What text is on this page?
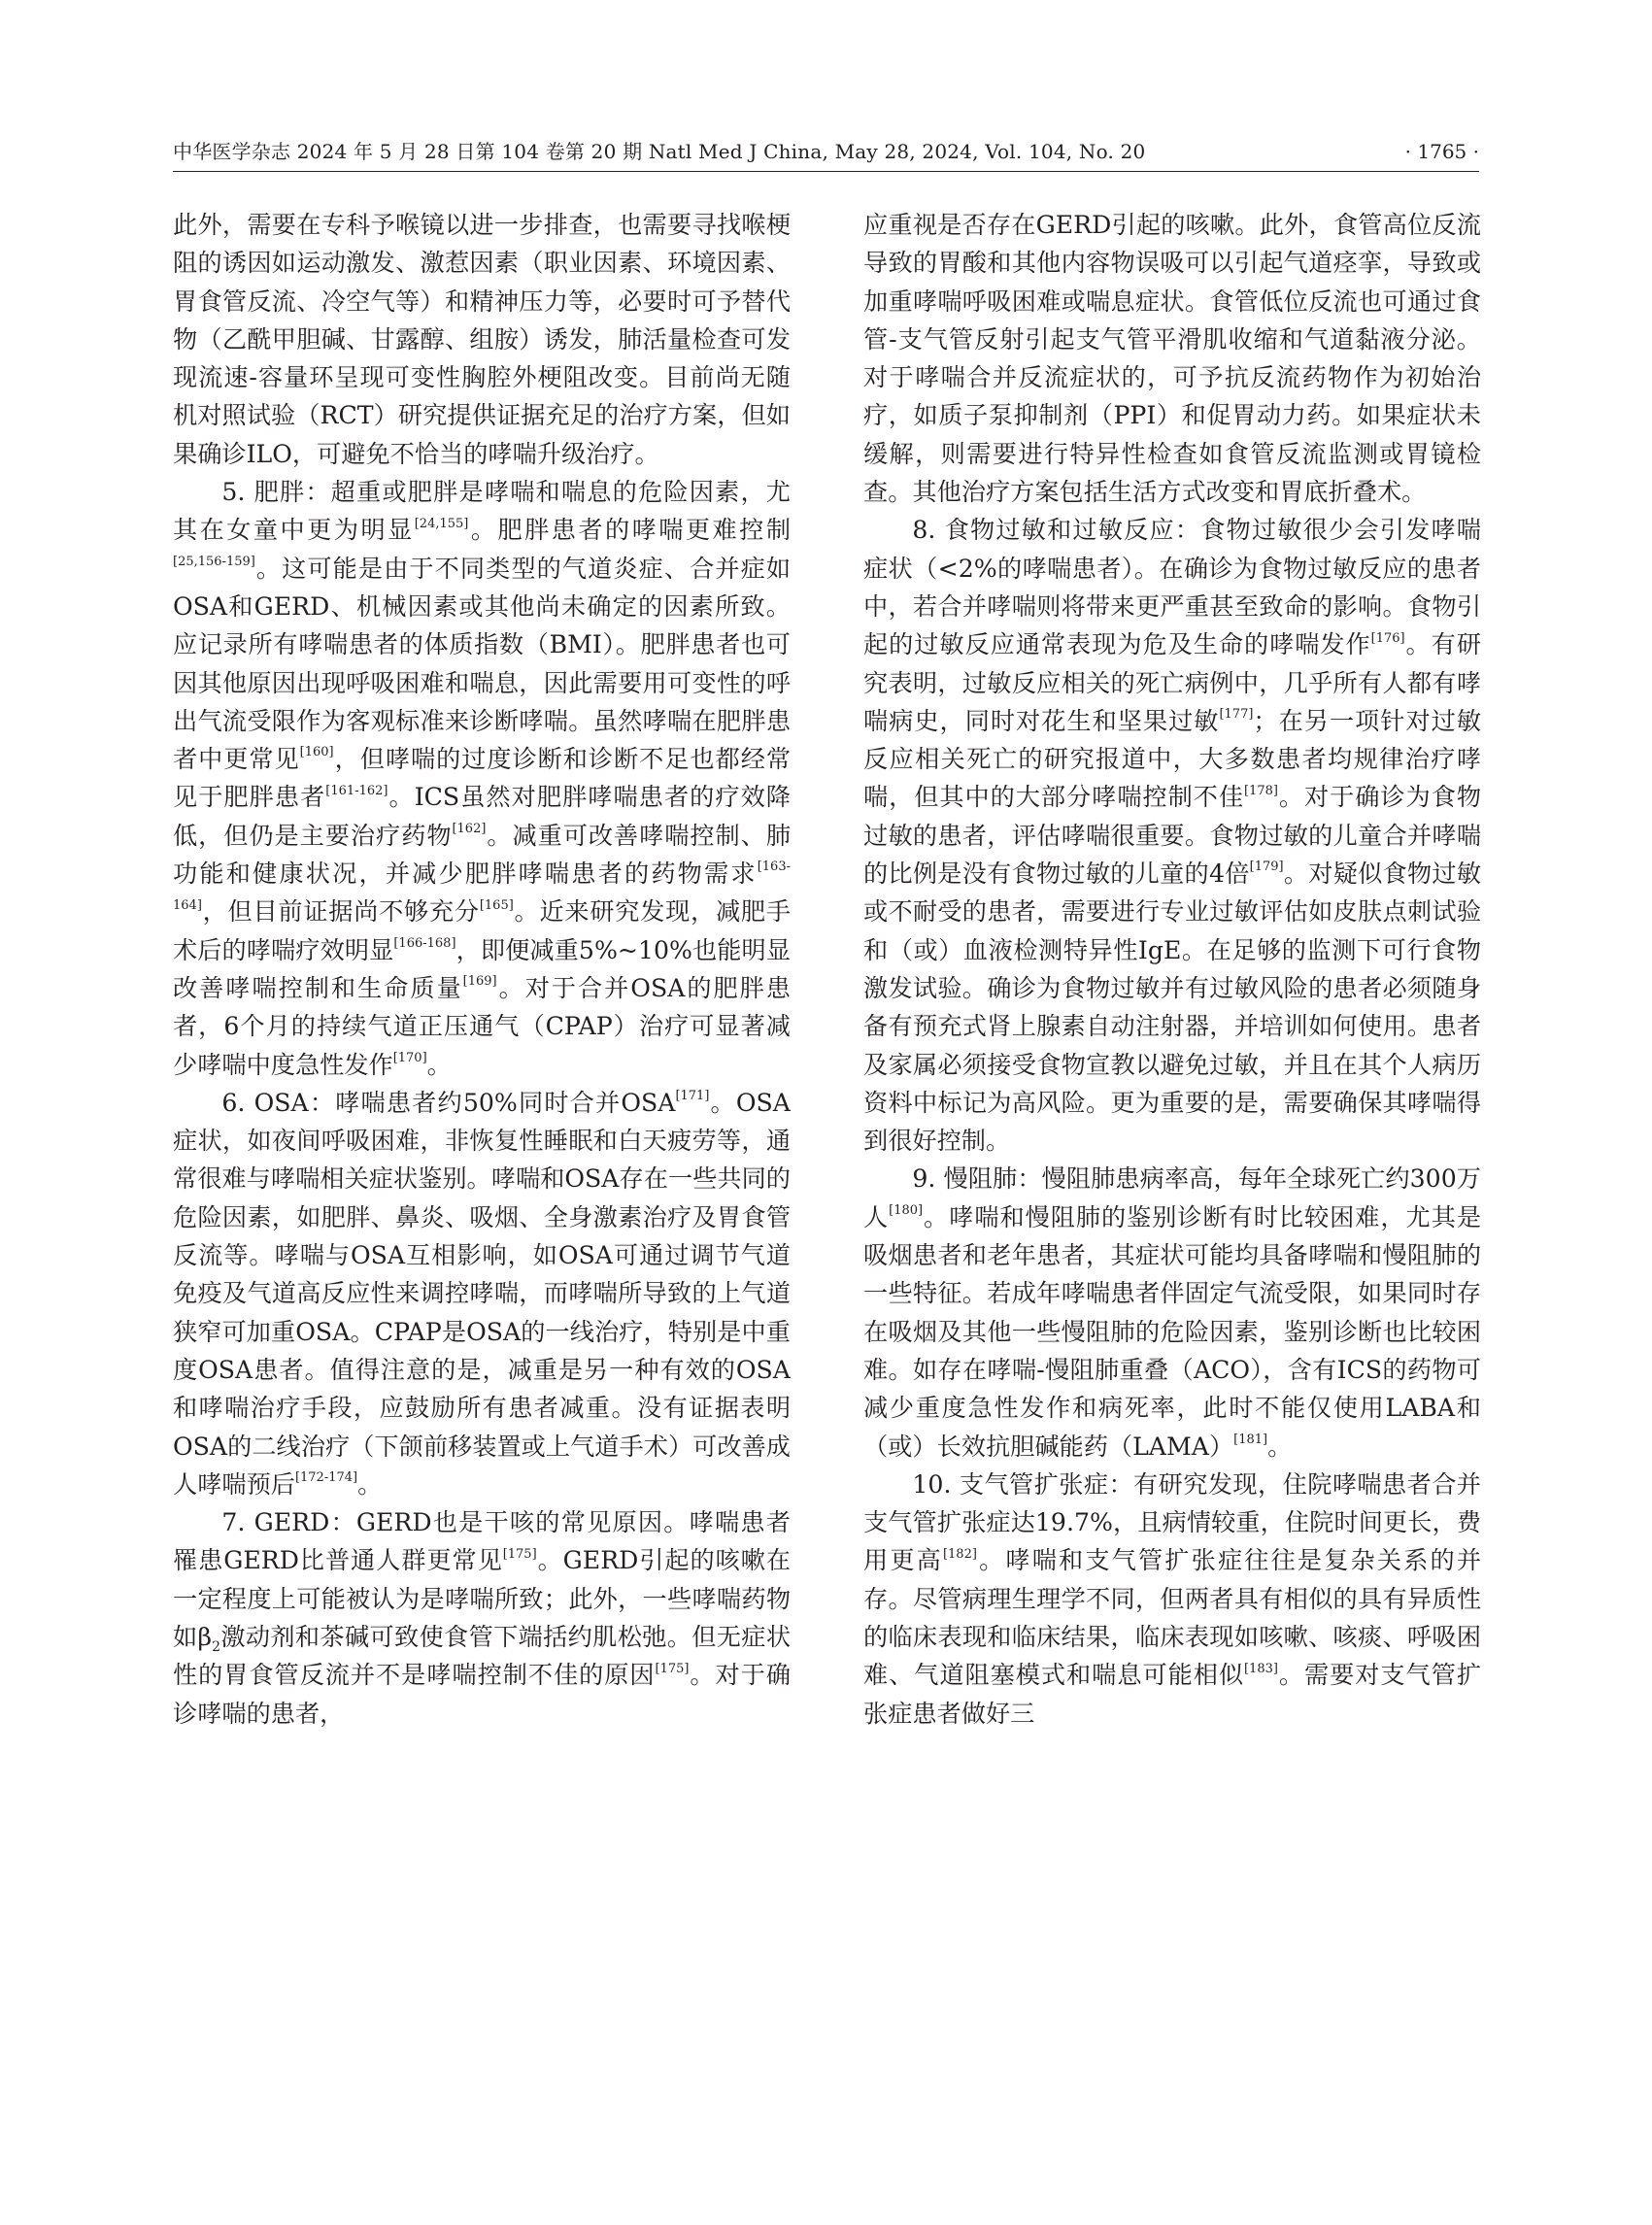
中华医学杂志 2024 年 5 月 28 日第 104 卷第 20 期 Natl Med J China, May 28, 2024, Vol. 104, No. 20	· 1765 ·

此外，需要在专科予喉镜以进一步排查，也需要寻找喉梗阻的诱因如运动激发、激惹因素（职业因素、环境因素、胃食管反流、冷空气等）和精神压力等，必要时可予替代物（乙酰甲胆碱、甘露醇、组胺）诱发，肺活量检查可发现流速-容量环呈现可变性胸腔外梗阻改变。目前尚无随机对照试验（RCT）研究提供证据充足的治疗方案，但如果确诊ILO，可避免不恰当的哮喘升级治疗。

5. 肥胖：超重或肥胖是哮喘和喘息的危险因素，尤其在女童中更为明显[24,155]。肥胖患者的哮喘更难控制[25,156-159]。这可能是由于不同类型的气道炎症、合并症如OSA和GERD、机械因素或其他尚未确定的因素所致。应记录所有哮喘患者的体质指数（BMI）。肥胖患者也可因其他原因出现呼吸困难和喘息，因此需要用可变性的呼出气流受限作为客观标准来诊断哮喘。虽然哮喘在肥胖患者中更常见[160]，但哮喘的过度诊断和诊断不足也都经常见于肥胖患者[161-162]。ICS虽然对肥胖哮喘患者的疗效降低，但仍是主要治疗药物[162]。减重可改善哮喘控制、肺功能和健康状况，并减少肥胖哮喘患者的药物需求[163-164]，但目前证据尚不够充分[165]。近来研究发现，减肥手术后的哮喘疗效明显[166-168]，即便减重5%~10%也能明显改善哮喘控制和生命质量[169]。对于合并OSA的肥胖患者，6个月的持续气道正压通气（CPAP）治疗可显著减少哮喘中度急性发作[170]。

6. OSA：哮喘患者约50%同时合并OSA[171]。OSA症状，如夜间呼吸困难，非恢复性睡眠和白天疲劳等，通常很难与哮喘相关症状鉴别。哮喘和OSA存在一些共同的危险因素，如肥胖、鼻炎、吸烟、全身激素治疗及胃食管反流等。哮喘与OSA互相影响，如OSA可通过调节气道免疫及气道高反应性来调控哮喘，而哮喘所导致的上气道狭窄可加重OSA。CPAP是OSA的一线治疗，特别是中重度OSA患者。值得注意的是，减重是另一种有效的OSA和哮喘治疗手段，应鼓励所有患者减重。没有证据表明OSA的二线治疗（下颌前移装置或上气道手术）可改善成人哮喘预后[172-174]。

7. GERD：GERD也是干咳的常见原因。哮喘患者罹患GERD比普通人群更常见[175]。GERD引起的咳嗽在一定程度上可能被认为是哮喘所致；此外，一些哮喘药物如$\beta_2$激动剂和茶碱可致使食管下端括约肌松弛。但无症状性的胃食管反流并不是哮喘控制不佳的原因[175]。对于确诊哮喘的患者，

应重视是否存在GERD引起的咳嗽。此外，食管高位反流导致的胃酸和其他内容物误吸可以引起气道痉挛，导致或加重哮喘呼吸困难或喘息症状。食管低位反流也可通过食管-支气管反射引起支气管平滑肌收缩和气道黏液分泌。对于哮喘合并反流症状的，可予抗反流药物作为初始治疗，如质子泵抑制剂（PPI）和促胃动力药。如果症状未缓解，则需要进行特异性检查如食管反流监测或胃镜检查。其他治疗方案包括生活方式改变和胃底折叠术。

8. 食物过敏和过敏反应：食物过敏很少会引发哮喘症状（<2%的哮喘患者）。在确诊为食物过敏反应的患者中，若合并哮喘则将带来更严重甚至致命的影响。食物引起的过敏反应通常表现为危及生命的哮喘发作[176]。有研究表明，过敏反应相关的死亡病例中，几乎所有人都有哮喘病史，同时对花生和坚果过敏[177]；在另一项针对过敏反应相关死亡的研究报道中，大多数患者均规律治疗哮喘，但其中的大部分哮喘控制不佳[178]。对于确诊为食物过敏的患者，评估哮喘很重要。食物过敏的儿童合并哮喘的比例是没有食物过敏的儿童的4倍[179]。对疑似食物过敏或不耐受的患者，需要进行专业过敏评估如皮肤点刺试验和（或）血液检测特异性IgE。在足够的监测下可行食物激发试验。确诊为食物过敏并有过敏风险的患者必须随身备有预充式肾上腺素自动注射器，并培训如何使用。患者及家属必须接受食物宣教以避免过敏，并且在其个人病历资料中标记为高风险。更为重要的是，需要确保其哮喘得到很好控制。

9. 慢阻肺：慢阻肺患病率高，每年全球死亡约300万人[180]。哮喘和慢阻肺的鉴别诊断有时比较困难，尤其是吸烟患者和老年患者，其症状可能均具备哮喘和慢阻肺的一些特征。若成年哮喘患者伴固定气流受限，如果同时存在吸烟及其他一些慢阻肺的危险因素，鉴别诊断也比较困难。如存在哮喘-慢阻肺重叠（ACO），含有ICS的药物可减少重度急性发作和病死率，此时不能仅使用LABA和（或）长效抗胆碱能药（LAMA）[181]。

10. 支气管扩张症：有研究发现，住院哮喘患者合并支气管扩张症达19.7%，且病情较重，住院时间更长，费用更高[182]。哮喘和支气管扩张症往往是复杂关系的并存。尽管病理生理学不同，但两者具有相似的具有异质性的临床表现和临床结果，临床表现如咳嗽、咳痰、呼吸困难、气道阻塞模式和喘息可能相似[183]。需要对支气管扩张症患者做好三
